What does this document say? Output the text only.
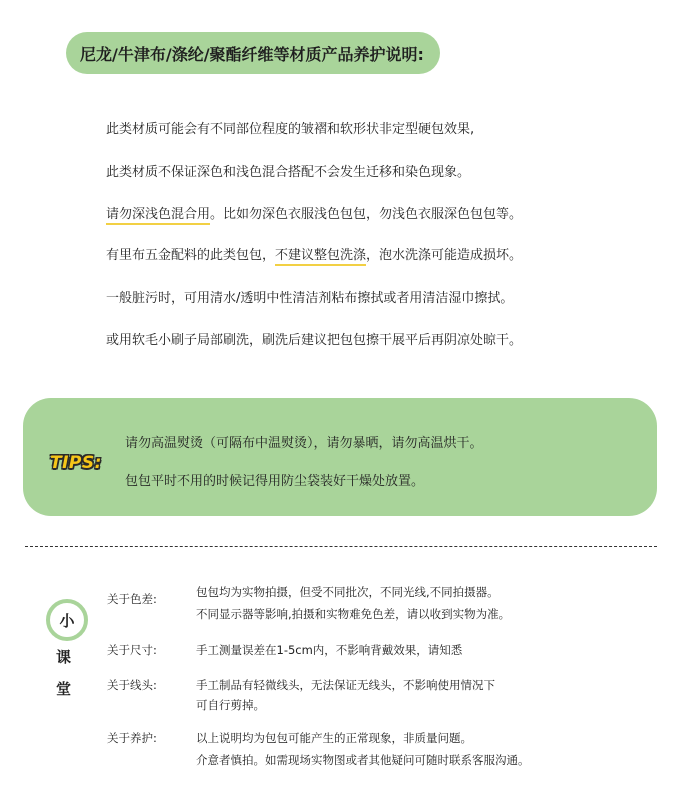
尼龙/牛津布/涤纶/聚酯纤维等材质产品养护说明:
此类材质可能会有不同部位程度的皱褶和软形状非定型硬包效果,
此类材质不保证深色和浅色混合搭配不会发生迁移和染色现象。
请勿深浅色混合用。比如勿深色衣服浅色包包，勿浅色衣服深色包包等。
有里布五金配料的此类包包，不建议整包洗涤，泡水洗涤可能造成损坏。
一般脏污时，可用清水/透明中性清洁剂粘布擦拭或者用清洁湿巾擦拭。
或用软毛小刷子局部刷洗，刷洗后建议把包包擦干展平后再阴凉处晾干。
TIPS:
请勿高温熨烫（可隔布中温熨烫），请勿暴晒，请勿高温烘干。
包包平时不用的时候记得用防尘袋装好干燥处放置。
小
课
堂
关于色差:	包包均为实物拍摄，但受不同批次，不同光线,不同拍摄器。
不同显示器等影响,拍摄和实物难免色差，请以收到实物为准。
关于尺寸:	手工测量误差在1-5cm内，不影响背戴效果，请知悉
关于线头:	手工制品有轻微线头，无法保证无线头，不影响使用情况下
可自行剪掉。
关于养护:	以上说明均为包包可能产生的正常现象，非质量问题。
介意者慎拍。如需现场实物图或者其他疑问可随时联系客服沟通。
